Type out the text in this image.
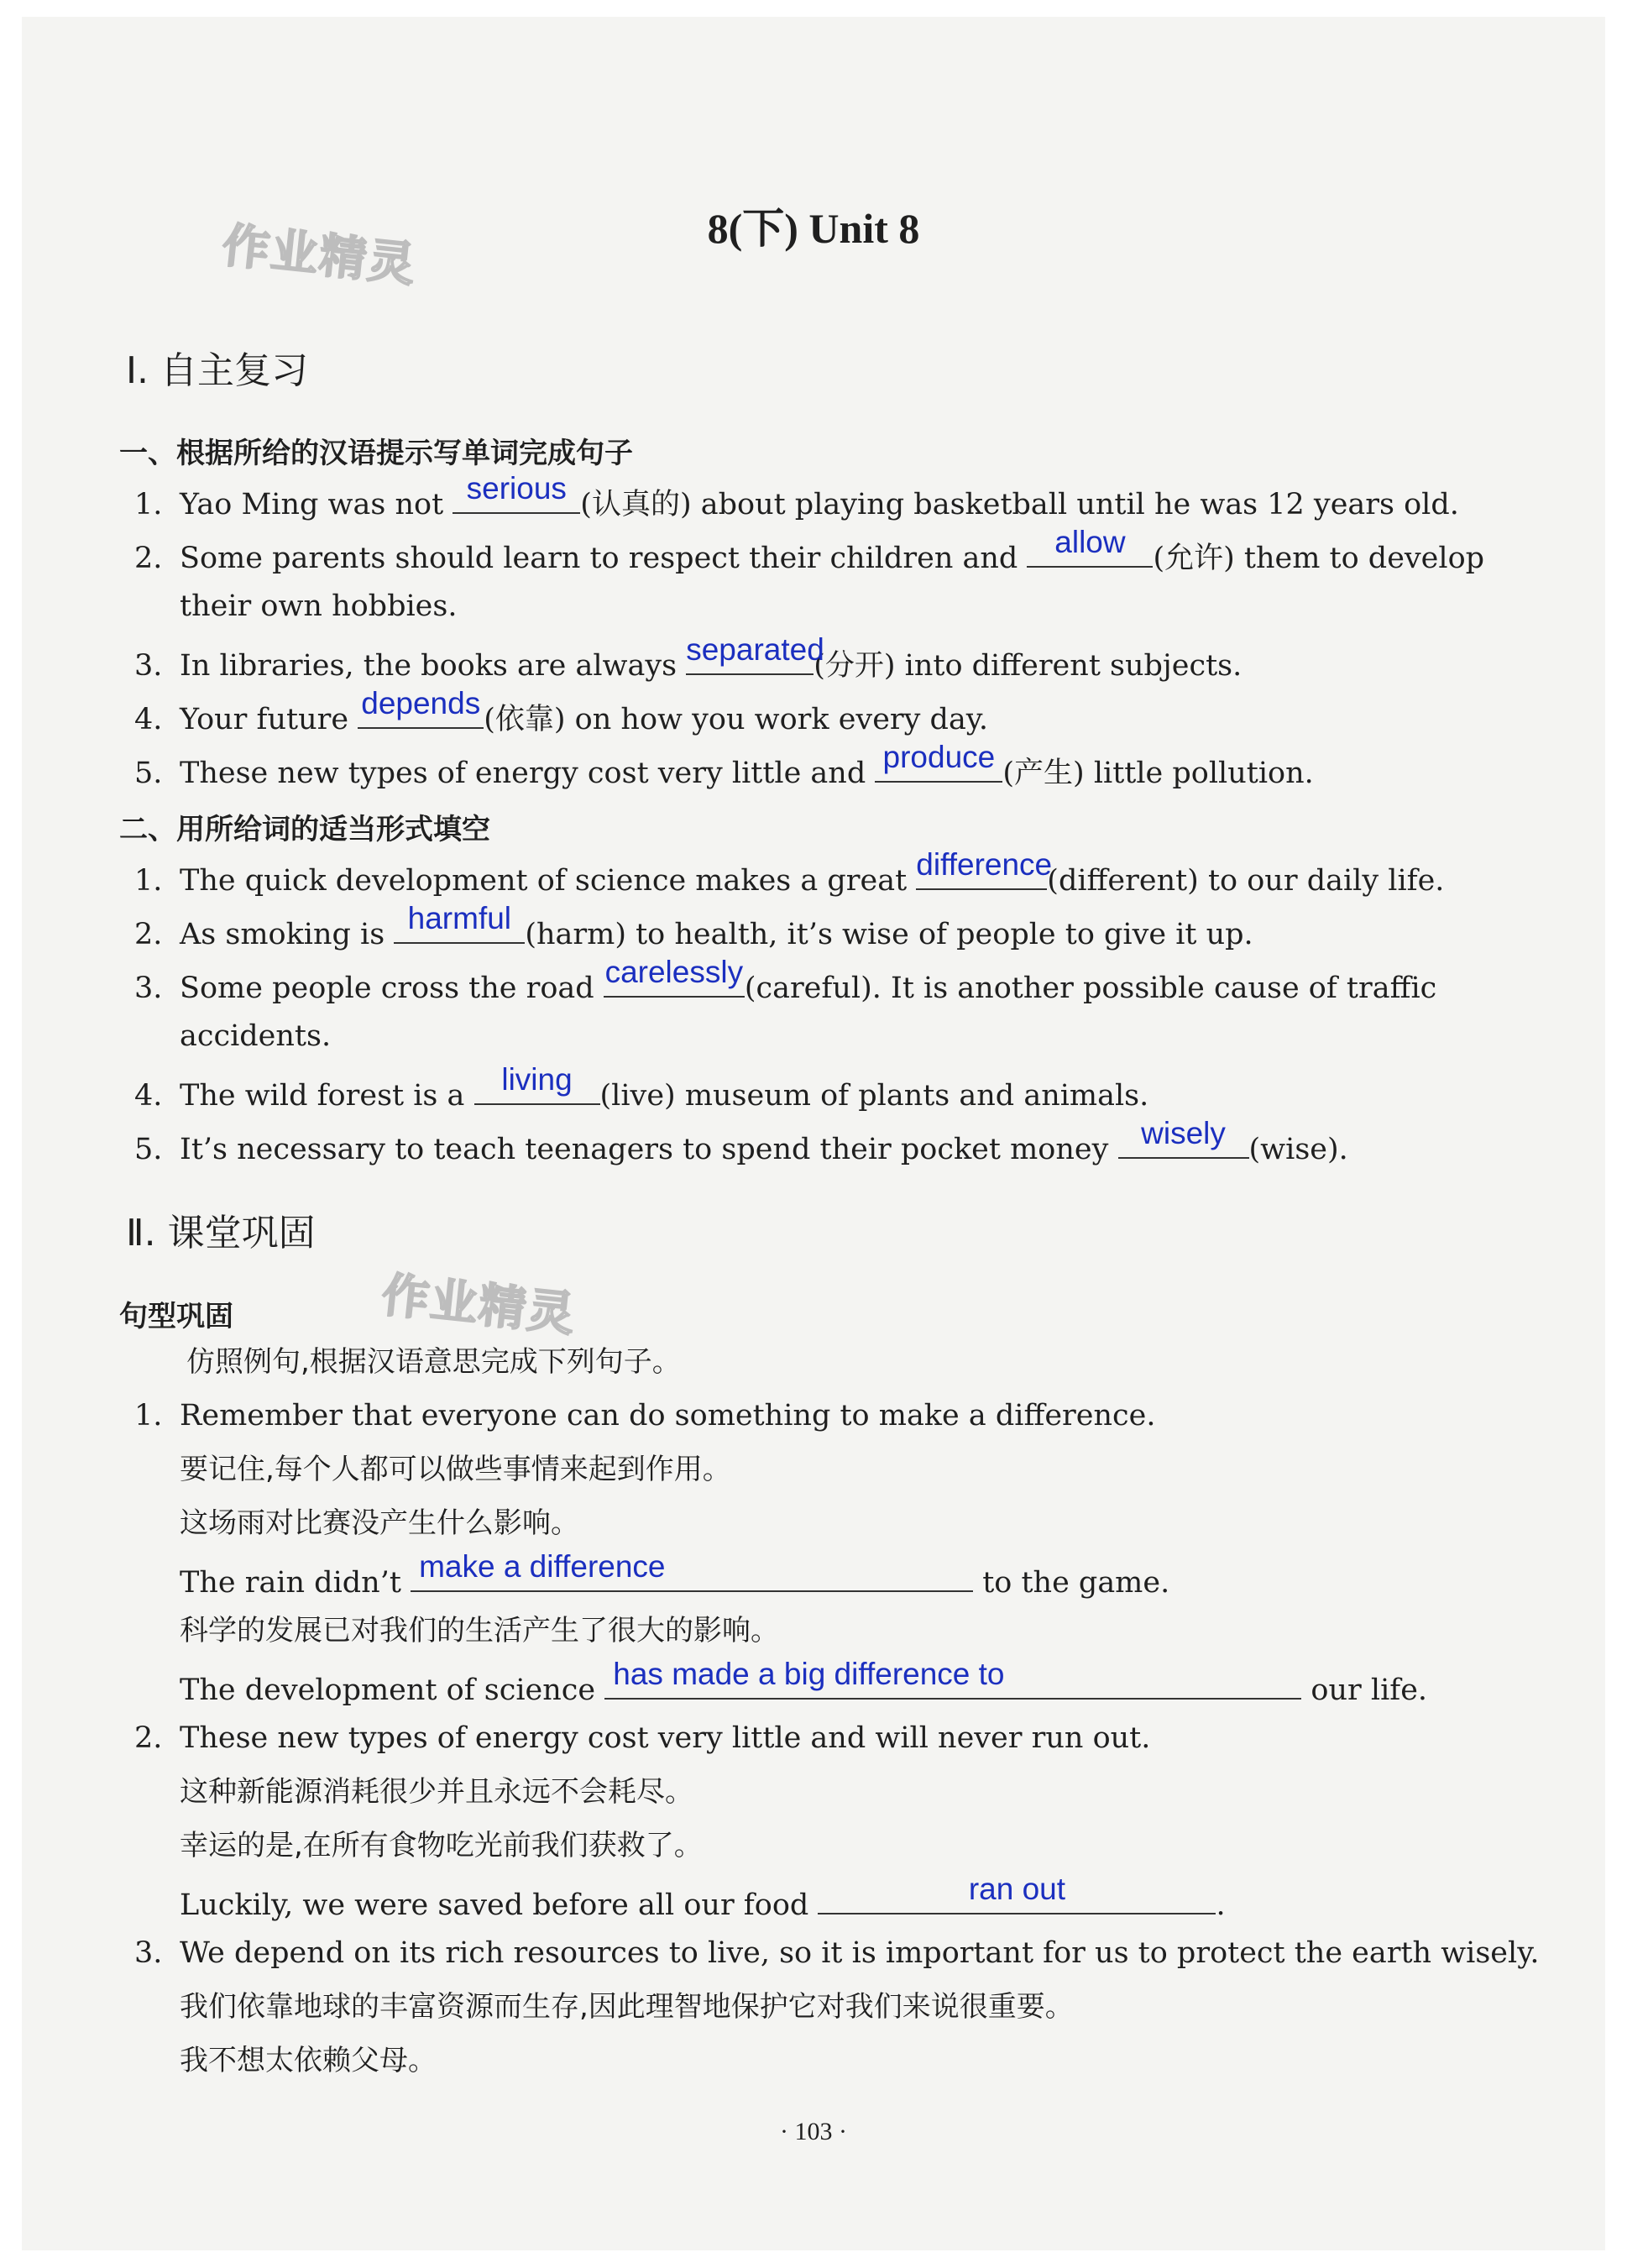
作业精灵
作业精灵
8(下) Unit 8
Ⅰ. 自主复习
一、根据所给的汉语提示写单词完成句子
1. Yao Ming was not serious (认真的) about playing basketball until he was 12 years old.
2. Some parents should learn to respect their children and	allow (允许) them to develop
their own hobbies.
3. In libraries, the books are always separated
(分开) into different subjects.
4. Your future depends (依靠) on how you work every day.
5. These new types of energy cost very little and produce (产生) little pollution.
二、用所给词的适当形式填空
1. The quick development of science makes a great difference
(different) to our daily life.
2. As smoking is harmful (harm) to health, it’s wise of people to give it up.
3. Some people cross the road carelessly (careful). It is another possible cause of traffic
accidents.
4. The wild forest is a	living (live) museum of plants and animals.
5. It’s necessary to teach teenagers to spend their pocket money	wisely (wise).
Ⅱ. 课堂巩固
句型巩固
仿照例句,根据汉语意思完成下列句子。
1. Remember that everyone can do something to make a difference.
要记住,每个人都可以做些事情来起到作用。
这场雨对比赛没产生什么影响。
The rain didn’t make a difference	to the game.
科学的发展已对我们的生活产生了很大的影响。
The development of science has made a big difference to	our life.
2. These new types of energy cost very little and will never run out.
这种新能源消耗很少并且永远不会耗尽。
幸运的是,在所有食物吃光前我们获救了。
Luckily, we were saved before all our food	ran out	.
3. We depend on its rich resources to live, so it is important for us to protect the earth wisely.
我们依靠地球的丰富资源而生存,因此理智地保护它对我们来说很重要。
我不想太依赖父母。
· 103 ·
